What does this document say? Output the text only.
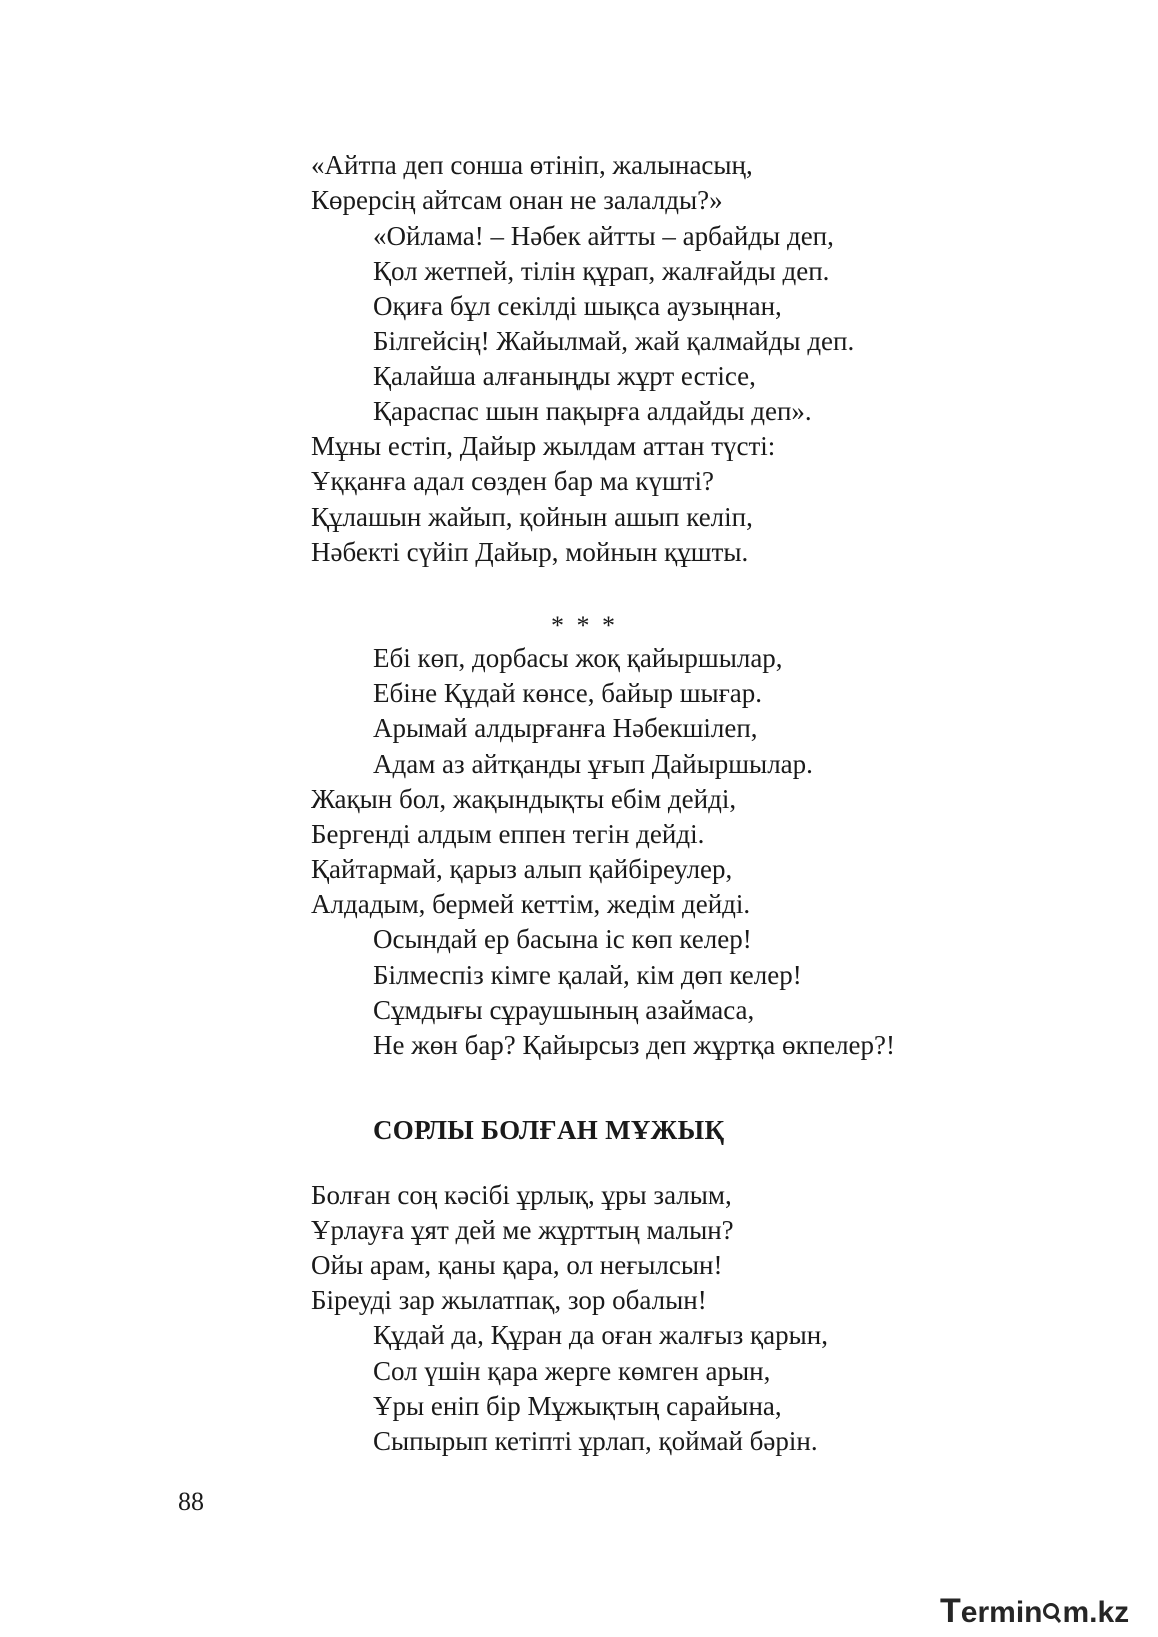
«Айтпа деп сонша өтініп, жалынасың,
Көрерсің айтсам онан не залалды?»
«Ойлама! – Нәбек айтты – арбайды деп,
Қол жетпей, тілін құрап, жалғайды деп.
Оқиға бұл секілді шықса аузыңнан,
Білгейсің! Жайылмай, жай қалмайды деп.
Қалайша алғаныңды жұрт естісе,
Қараспас шын пақырға алдайды деп».
Мұны естіп, Дайыр жылдам аттан түсті:
Ұққанға адал сөзден бар ма күшті?
Құлашын жайып, қойнын ашып келіп,
Нәбекті сүйіп Дайыр, мойнын құшты.
* * *
Ебі көп, дорбасы жоқ қайыршылар,
Ебіне Құдай көнсе, байыр шығар.
Арымай алдырғанға Нәбекшілеп,
Адам аз айтқанды ұғып Дайыршылар.
Жақын бол, жақындықты ебім дейді,
Бергенді алдым еппен тегін дейді.
Қайтармай, қарыз алып қайбіреулер,
Алдадым, бермей кеттім, жедім дейді.
Осындай ер басына іс көп келер!
Білмеспіз кімге қалай, кім дөп келер!
Сұмдығы сұраушының азаймаса,
Не жөн бар? Қайырсыз деп жұртқа өкпелер?!
СОРЛЫ БОЛҒАН МҰЖЫҚ
Болған соң кәсібі ұрлық, ұры залым,
Ұрлауға ұят дей ме жұрттың малын?
Ойы арам, қаны қара, ол неғылсын!
Біреуді зар жылатпақ, зор обалын!
Құдай да, Құран да оған жалғыз қарын,
Сол үшін қара жерге көмген арын,
Ұры еніп бір Мұжықтың сарайына,
Сыпырып кетіпті ұрлап, қоймай бәрін.
88
T ermin m.kz
